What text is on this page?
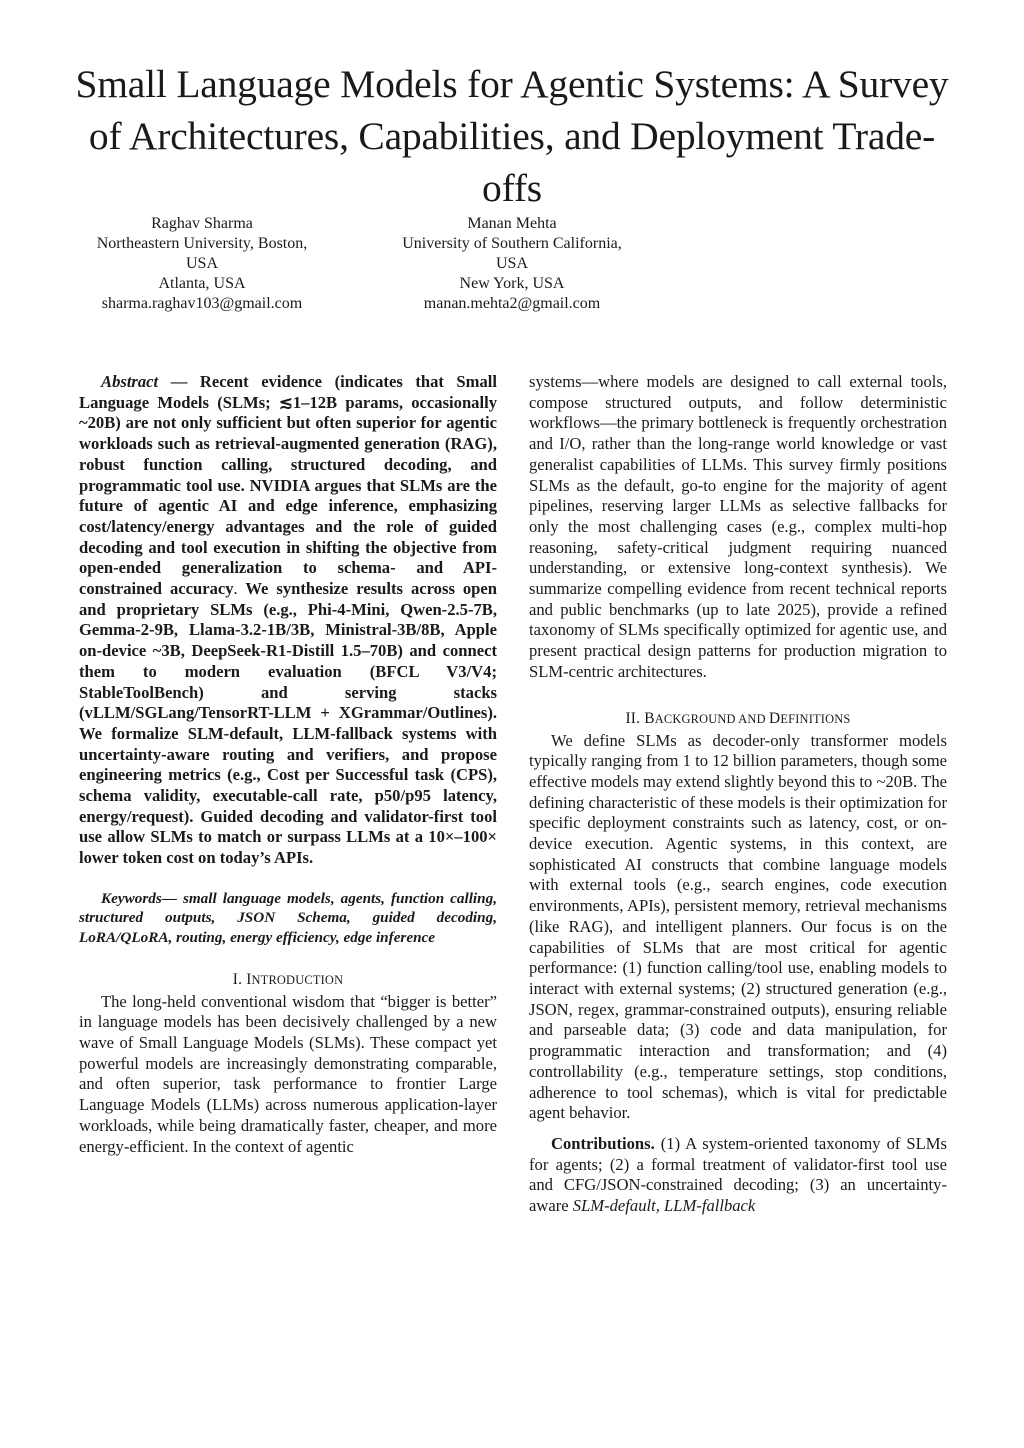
Small Language Models for Agentic Systems: A Survey of Architectures, Capabilities, and Deployment Trade-offs
Raghav Sharma
Northeastern University, Boston,
USA
Atlanta, USA
sharma.raghav103@gmail.com
Manan Mehta
University of Southern California,
USA
New York, USA
manan.mehta2@gmail.com

Abstract — Recent evidence (indicates that Small Language Models (SLMs; ≲1–12B params, occasionally ~20B) are not only sufficient but often superior for agentic workloads such as retrieval-augmented generation (RAG), robust function calling, structured decoding, and programmatic tool use. NVIDIA argues that SLMs are the future of agentic AI and edge inference, emphasizing cost/latency/energy advantages and the role of guided decoding and tool execution in shifting the objective from open-ended generalization to schema- and API-constrained accuracy. We synthesize results across open and proprietary SLMs (e.g., Phi-4-Mini, Qwen-2.5-7B, Gemma-2-9B, Llama-3.2-1B/3B, Ministral-3B/8B, Apple on-device ~3B, DeepSeek-R1-Distill 1.5–70B) and connect them to modern evaluation (BFCL V3/V4; StableToolBench) and serving stacks (vLLM/SGLang/TensorRT-LLM + XGrammar/Outlines). We formalize SLM-default, LLM-fallback systems with uncertainty-aware routing and verifiers, and propose engineering metrics (e.g., Cost per Successful task (CPS), schema validity, executable-call rate, p50/p95 latency, energy/request). Guided decoding and validator-first tool use allow SLMs to match or surpass LLMs at a 10×–100× lower token cost on today’s APIs.

Keywords— small language models, agents, function calling, structured outputs, JSON Schema, guided decoding, LoRA/QLoRA, routing, energy efficiency, edge inference

I. INTRODUCTION

The long-held conventional wisdom that “bigger is better” in language models has been decisively challenged by a new wave of Small Language Models (SLMs). These compact yet powerful models are increasingly demonstrating comparable, and often superior, task performance to frontier Large Language Models (LLMs) across numerous application-layer workloads, while being dramatically faster, cheaper, and more energy-efficient. In the context of agentic

systems—where models are designed to call external tools, compose structured outputs, and follow deterministic workflows—the primary bottleneck is frequently orchestration and I/O, rather than the long-range world knowledge or vast generalist capabilities of LLMs. This survey firmly positions SLMs as the default, go-to engine for the majority of agent pipelines, reserving larger LLMs as selective fallbacks for only the most challenging cases (e.g., complex multi-hop reasoning, safety-critical judgment requiring nuanced understanding, or extensive long-context synthesis). We summarize compelling evidence from recent technical reports and public benchmarks (up to late 2025), provide a refined taxonomy of SLMs specifically optimized for agentic use, and present practical design patterns for production migration to SLM-centric architectures.

II. BACKGROUND AND DEFINITIONS

We define SLMs as decoder-only transformer models typically ranging from 1 to 12 billion parameters, though some effective models may extend slightly beyond this to ~20B. The defining characteristic of these models is their optimization for specific deployment constraints such as latency, cost, or on-device execution. Agentic systems, in this context, are sophisticated AI constructs that combine language models with external tools (e.g., search engines, code execution environments, APIs), persistent memory, retrieval mechanisms (like RAG), and intelligent planners. Our focus is on the capabilities of SLMs that are most critical for agentic performance: (1) function calling/tool use, enabling models to interact with external systems; (2) structured generation (e.g., JSON, regex, grammar-constrained outputs), ensuring reliable and parseable data; (3) code and data manipulation, for programmatic interaction and transformation; and (4) controllability (e.g., temperature settings, stop conditions, adherence to tool schemas), which is vital for predictable agent behavior.

Contributions. (1) A system-oriented taxonomy of SLMs for agents; (2) a formal treatment of validator-first tool use and CFG/JSON-constrained decoding; (3) an uncertainty-aware SLM-default, LLM-fallback
